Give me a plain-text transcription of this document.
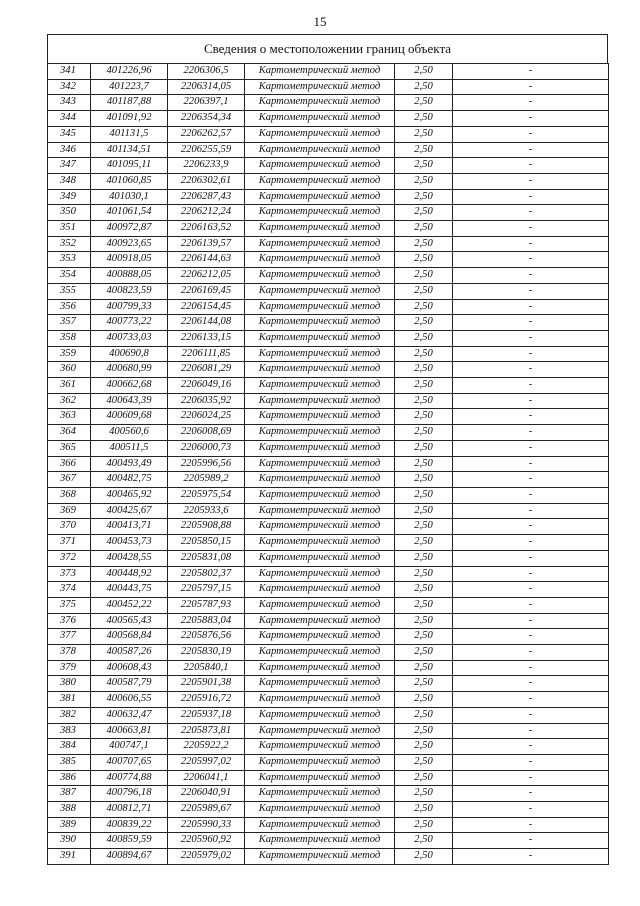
15
Сведения о местоположении границ объекта
341	401226,96	2206306,5	Картометрический метод	2,50	-
342	401223,7	2206314,05	Картометрический метод	2,50	-
343	401187,88	2206397,1	Картометрический метод	2,50	-
344	401091,92	2206354,34	Картометрический метод	2,50	-
345	401131,5	2206262,57	Картометрический метод	2,50	-
346	401134,51	2206255,59	Картометрический метод	2,50	-
347	401095,11	2206233,9	Картометрический метод	2,50	-
348	401060,85	2206302,61	Картометрический метод	2,50	-
349	401030,1	2206287,43	Картометрический метод	2,50	-
350	401061,54	2206212,24	Картометрический метод	2,50	-
351	400972,87	2206163,52	Картометрический метод	2,50	-
352	400923,65	2206139,57	Картометрический метод	2,50	-
353	400918,05	2206144,63	Картометрический метод	2,50	-
354	400888,05	2206212,05	Картометрический метод	2,50	-
355	400823,59	2206169,45	Картометрический метод	2,50	-
356	400799,33	2206154,45	Картометрический метод	2,50	-
357	400773,22	2206144,08	Картометрический метод	2,50	-
358	400733,03	2206133,15	Картометрический метод	2,50	-
359	400690,8	2206111,85	Картометрический метод	2,50	-
360	400680,99	2206081,29	Картометрический метод	2,50	-
361	400662,68	2206049,16	Картометрический метод	2,50	-
362	400643,39	2206035,92	Картометрический метод	2,50	-
363	400609,68	2206024,25	Картометрический метод	2,50	-
364	400560,6	2206008,69	Картометрический метод	2,50	-
365	400511,5	2206000,73	Картометрический метод	2,50	-
366	400493,49	2205996,56	Картометрический метод	2,50	-
367	400482,75	2205989,2	Картометрический метод	2,50	-
368	400465,92	2205975,54	Картометрический метод	2,50	-
369	400425,67	2205933,6	Картометрический метод	2,50	-
370	400413,71	2205908,88	Картометрический метод	2,50	-
371	400453,73	2205850,15	Картометрический метод	2,50	-
372	400428,55	2205831,08	Картометрический метод	2,50	-
373	400448,92	2205802,37	Картометрический метод	2,50	-
374	400443,75	2205797,15	Картометрический метод	2,50	-
375	400452,22	2205787,93	Картометрический метод	2,50	-
376	400565,43	2205883,04	Картометрический метод	2,50	-
377	400568,84	2205876,56	Картометрический метод	2,50	-
378	400587,26	2205830,19	Картометрический метод	2,50	-
379	400608,43	2205840,1	Картометрический метод	2,50	-
380	400587,79	2205901,38	Картометрический метод	2,50	-
381	400606,55	2205916,72	Картометрический метод	2,50	-
382	400632,47	2205937,18	Картометрический метод	2,50	-
383	400663,81	2205873,81	Картометрический метод	2,50	-
384	400747,1	2205922,2	Картометрический метод	2,50	-
385	400707,65	2205997,02	Картометрический метод	2,50	-
386	400774,88	2206041,1	Картометрический метод	2,50	-
387	400796,18	2206040,91	Картометрический метод	2,50	-
388	400812,71	2205989,67	Картометрический метод	2,50	-
389	400839,22	2205990,33	Картометрический метод	2,50	-
390	400859,59	2205960,92	Картометрический метод	2,50	-
391	400894,67	2205979,02	Картометрический метод	2,50	-
